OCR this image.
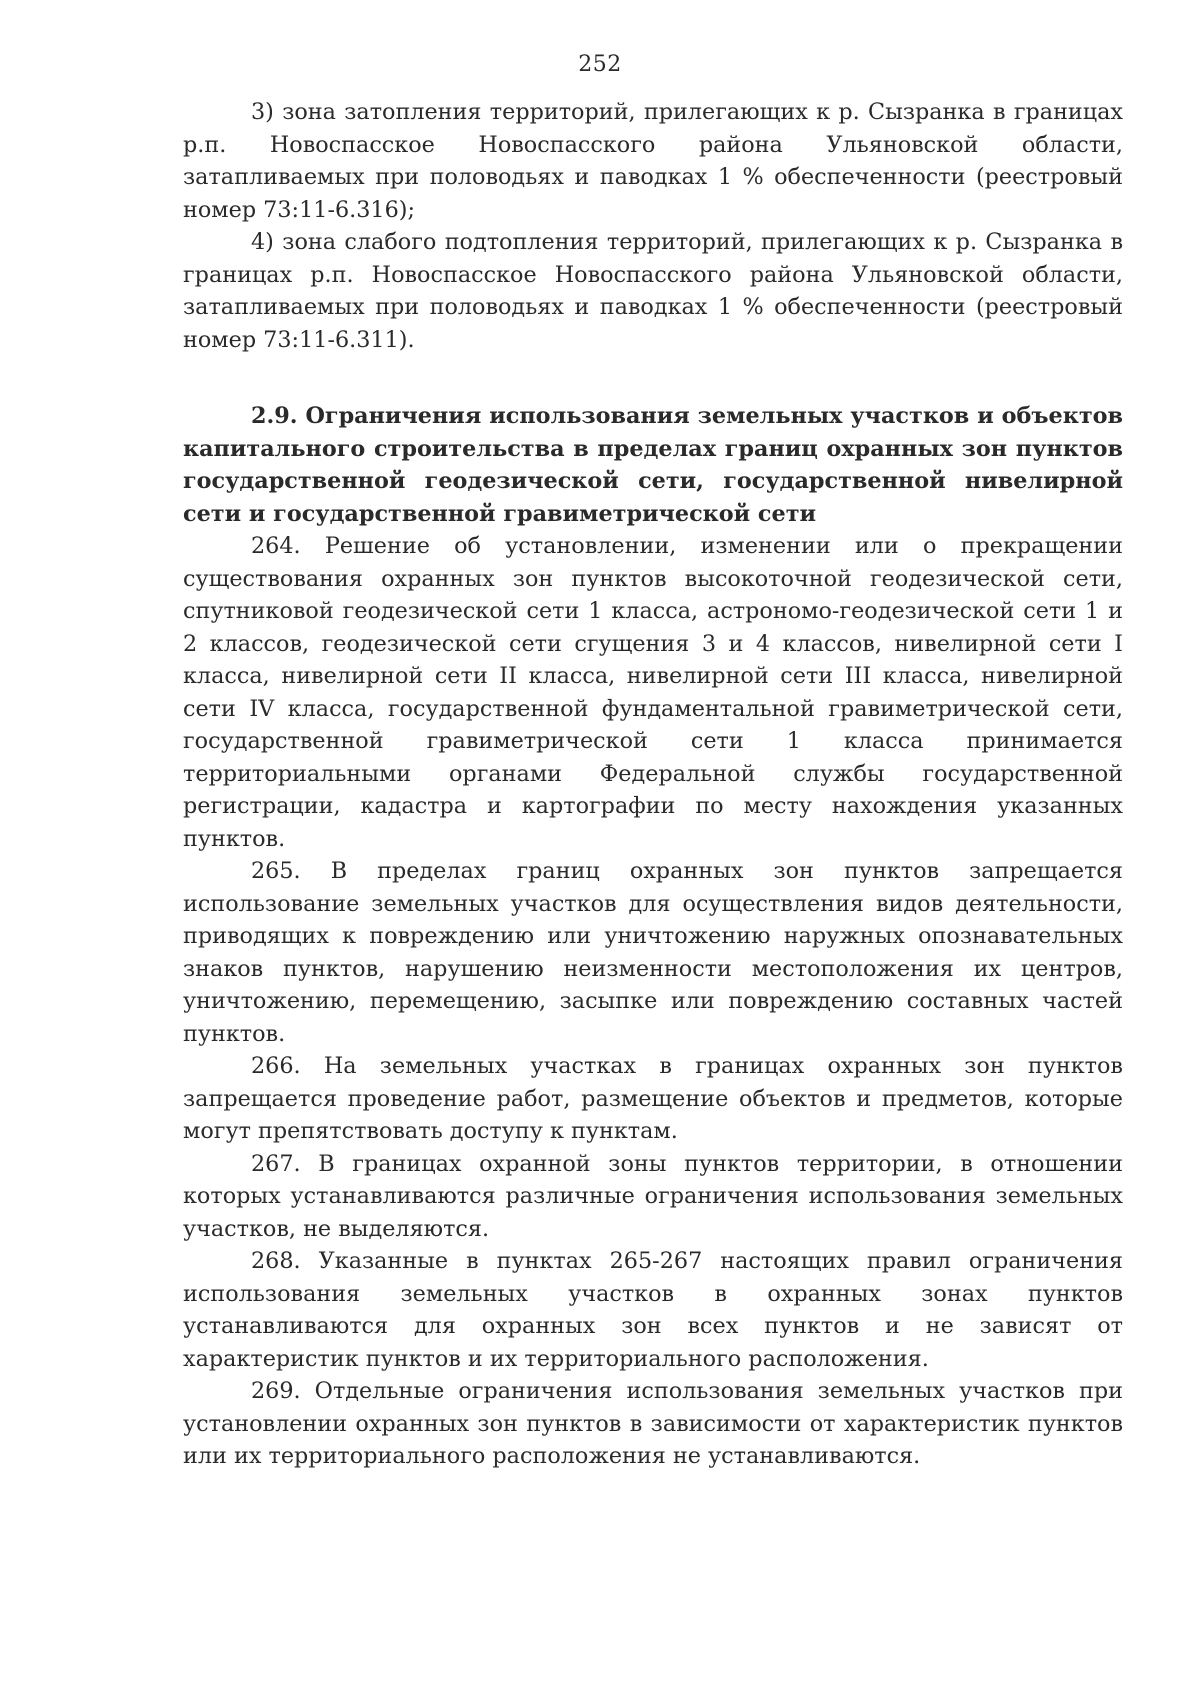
252

3) зона затопления территорий, прилегающих к р. Сызранка в границах р.п. Новоспасское Новоспасского района Ульяновской области, затапливаемых при половодьях и паводках 1 % обеспеченности (реестровый номер 73:11-6.316);

4) зона слабого подтопления территорий, прилегающих к р. Сызранка в границах р.п. Новоспасское Новоспасского района Ульяновской области, затапливаемых при половодьях и паводках 1 % обеспеченности (реестровый номер 73:11-6.311).

2.9. Ограничения использования земельных участков и объектов капитального строительства в пределах границ охранных зон пунктов государственной геодезической сети, государственной нивелирной сети и государственной гравиметрической сети

264. Решение об установлении, изменении или о прекращении существования охранных зон пунктов высокоточной геодезической сети, спутниковой геодезической сети 1 класса, астрономо-геодезической сети 1 и 2 классов, геодезической сети сгущения 3 и 4 классов, нивелирной сети I класса, нивелирной сети II класса, нивелирной сети III класса, нивелирной сети IV класса, государственной фундаментальной гравиметрической сети, государственной гравиметрической сети 1 класса принимается территориальными органами Федеральной службы государственной регистрации, кадастра и картографии по месту нахождения указанных пунктов.

265. В пределах границ охранных зон пунктов запрещается использование земельных участков для осуществления видов деятельности, приводящих к повреждению или уничтожению наружных опознавательных знаков пунктов, нарушению неизменности местоположения их центров, уничтожению, перемещению, засыпке или повреждению составных частей пунктов.

266. На земельных участках в границах охранных зон пунктов запрещается проведение работ, размещение объектов и предметов, которые могут препятствовать доступу к пунктам.

267. В границах охранной зоны пунктов территории, в отношении которых устанавливаются различные ограничения использования земельных участков, не выделяются.

268. Указанные в пунктах 265-267 настоящих правил ограничения использования земельных участков в охранных зонах пунктов устанавливаются для охранных зон всех пунктов и не зависят от характеристик пунктов и их территориального расположения.

269. Отдельные ограничения использования земельных участков при установлении охранных зон пунктов в зависимости от характеристик пунктов или их территориального расположения не устанавливаются.
